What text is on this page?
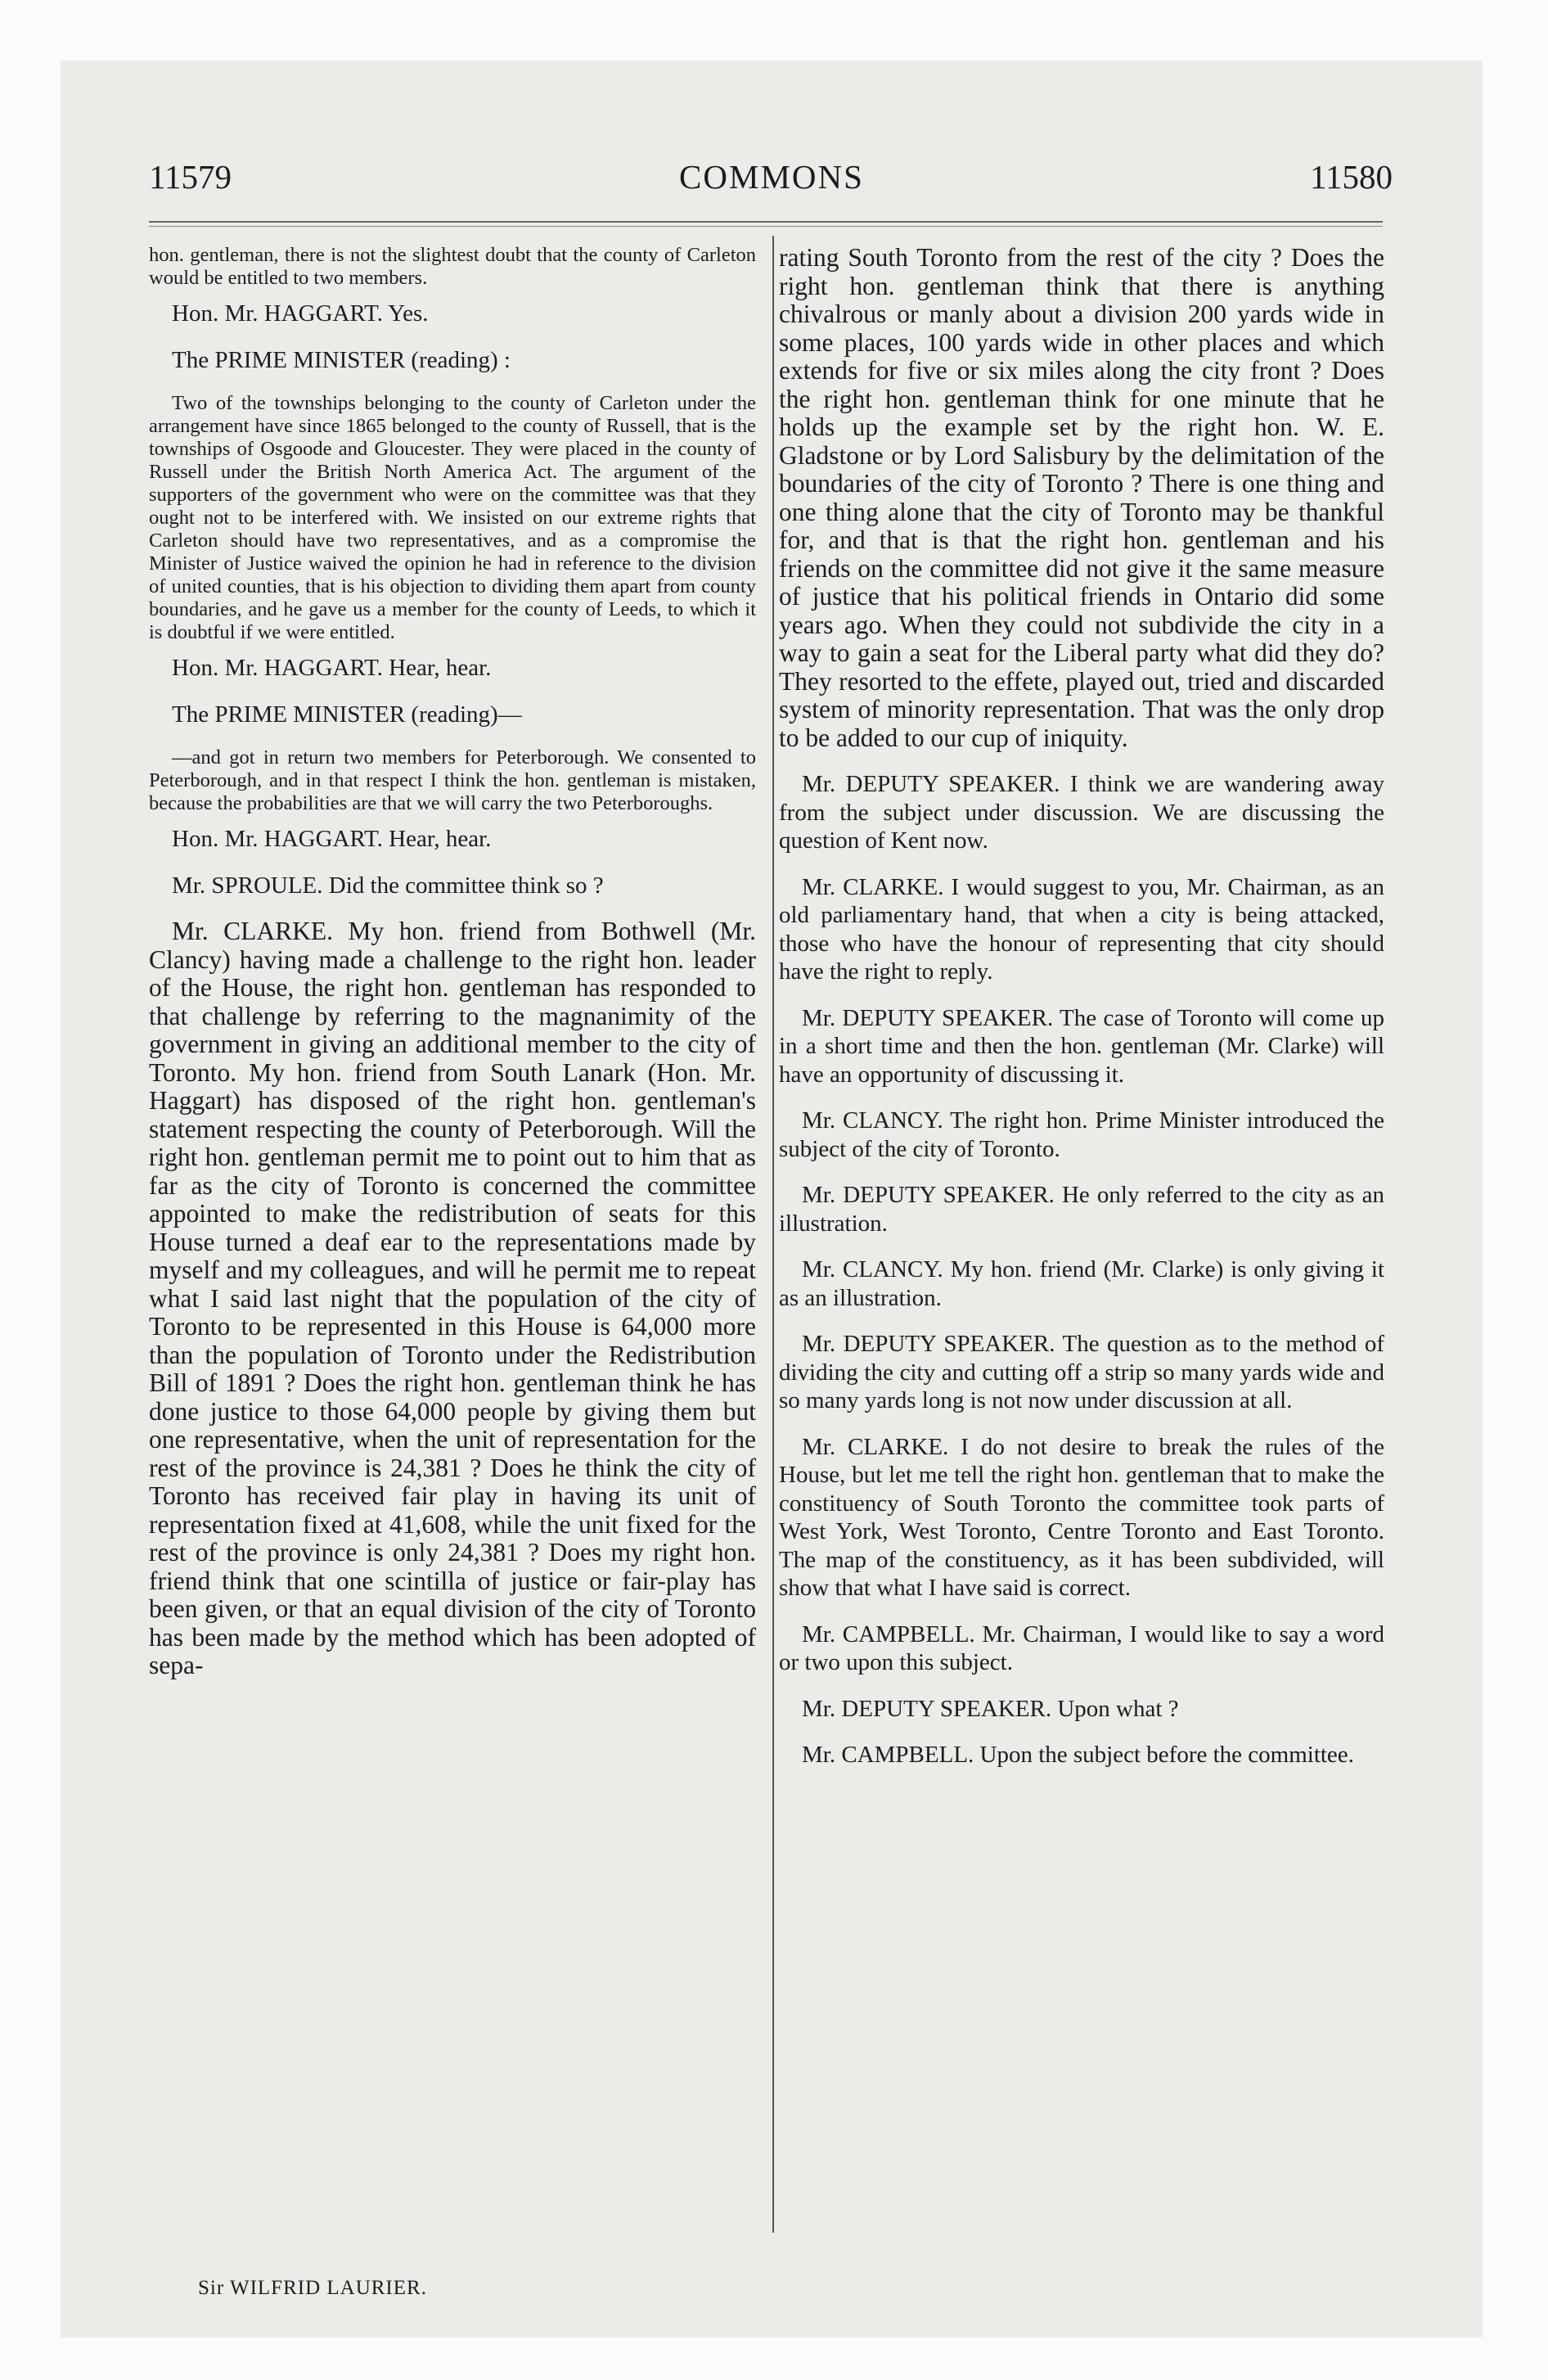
11579	COMMONS	11580

hon. gentleman, there is not the slightest doubt that the county of Carleton would be entitled to two members.

Hon. Mr. HAGGART. Yes.

The PRIME MINISTER (reading) :

Two of the townships belonging to the county of Carleton under the arrangement have since 1865 belonged to the county of Russell, that is the townships of Osgoode and Gloucester. They were placed in the county of Russell under the British North America Act. The argument of the supporters of the government who were on the committee was that they ought not to be interfered with. We insisted on our extreme rights that Carleton should have two representatives, and as a compromise the Minister of Justice waived the opinion he had in reference to the division of united counties, that is his objection to dividing them apart from county boundaries, and he gave us a member for the county of Leeds, to which it is doubtful if we were entitled.

Hon. Mr. HAGGART. Hear, hear.

The PRIME MINISTER (reading)—

—and got in return two members for Peterborough. We consented to Peterborough, and in that respect I think the hon. gentleman is mistaken, because the probabilities are that we will carry the two Peterboroughs.

Hon. Mr. HAGGART. Hear, hear.

Mr. SPROULE. Did the committee think so ?

Mr. CLARKE. My hon. friend from Bothwell (Mr. Clancy) having made a challenge to the right hon. leader of the House, the right hon. gentleman has responded to that challenge by referring to the magnanimity of the government in giving an additional member to the city of Toronto. My hon. friend from South Lanark (Hon. Mr. Haggart) has disposed of the right hon. gentleman's statement respecting the county of Peterborough. Will the right hon. gentleman permit me to point out to him that as far as the city of Toronto is concerned the committee appointed to make the redistribution of seats for this House turned a deaf ear to the representations made by myself and my colleagues, and will he permit me to repeat what I said last night that the population of the city of Toronto to be represented in this House is 64,000 more than the population of Toronto under the Redistribution Bill of 1891 ? Does the right hon. gentleman think he has done justice to those 64,000 people by giving them but one representative, when the unit of representation for the rest of the province is 24,381 ? Does he think the city of Toronto has received fair play in having its unit of representation fixed at 41,608, while the unit fixed for the rest of the province is only 24,381 ? Does my right hon. friend think that one scintilla of justice or fair-play has been given, or that an equal division of the city of Toronto has been made by the method which has been adopted of sepa-

rating South Toronto from the rest of the city ? Does the right hon. gentleman think that there is anything chivalrous or manly about a division 200 yards wide in some places, 100 yards wide in other places and which extends for five or six miles along the city front ? Does the right hon. gentleman think for one minute that he holds up the example set by the right hon. W. E. Gladstone or by Lord Salisbury by the delimitation of the boundaries of the city of Toronto ? There is one thing and one thing alone that the city of Toronto may be thankful for, and that is that the right hon. gentleman and his friends on the committee did not give it the same measure of justice that his political friends in Ontario did some years ago. When they could not subdivide the city in a way to gain a seat for the Liberal party what did they do? They resorted to the effete, played out, tried and discarded system of minority representation. That was the only drop to be added to our cup of iniquity.

Mr. DEPUTY SPEAKER. I think we are wandering away from the subject under discussion. We are discussing the question of Kent now.

Mr. CLARKE. I would suggest to you, Mr. Chairman, as an old parliamentary hand, that when a city is being attacked, those who have the honour of representing that city should have the right to reply.

Mr. DEPUTY SPEAKER. The case of Toronto will come up in a short time and then the hon. gentleman (Mr. Clarke) will have an opportunity of discussing it.

Mr. CLANCY. The right hon. Prime Minister introduced the subject of the city of Toronto.

Mr. DEPUTY SPEAKER. He only referred to the city as an illustration.

Mr. CLANCY. My hon. friend (Mr. Clarke) is only giving it as an illustration.

Mr. DEPUTY SPEAKER. The question as to the method of dividing the city and cutting off a strip so many yards wide and so many yards long is not now under discussion at all.

Mr. CLARKE. I do not desire to break the rules of the House, but let me tell the right hon. gentleman that to make the constituency of South Toronto the committee took parts of West York, West Toronto, Centre Toronto and East Toronto. The map of the constituency, as it has been subdivided, will show that what I have said is correct.

Mr. CAMPBELL. Mr. Chairman, I would like to say a word or two upon this subject.

Mr. DEPUTY SPEAKER. Upon what ?

Mr. CAMPBELL. Upon the subject before the committee.

Sir WILFRID LAURIER.
